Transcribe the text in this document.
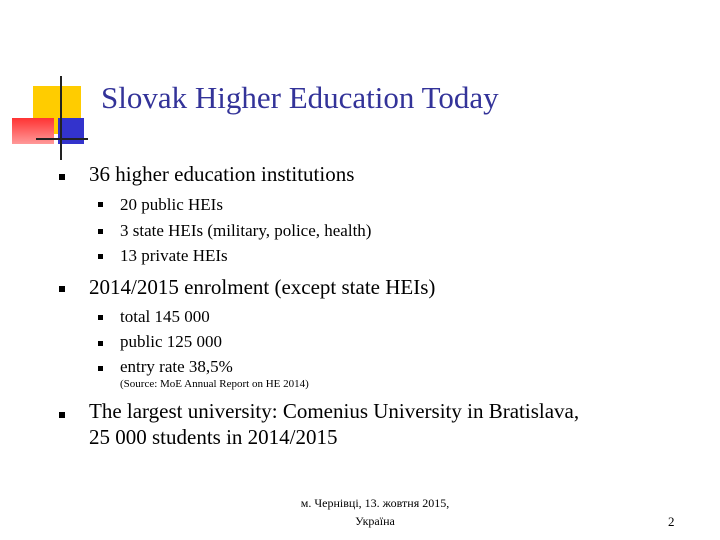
Slovak Higher Education Today
36 higher education institutions
20 public HEIs
3 state HEIs (military, police, health)
13 private HEIs
2014/2015 enrolment (except state HEIs)
total 145 000
public 125 000
entry rate 38,5%
(Source: MoE Annual Report on HE 2014)
The largest university: Comenius University in Bratislava,
25 000 students in 2014/2015
м. Чернівці, 13. жовтня 2015,
Україна	2
